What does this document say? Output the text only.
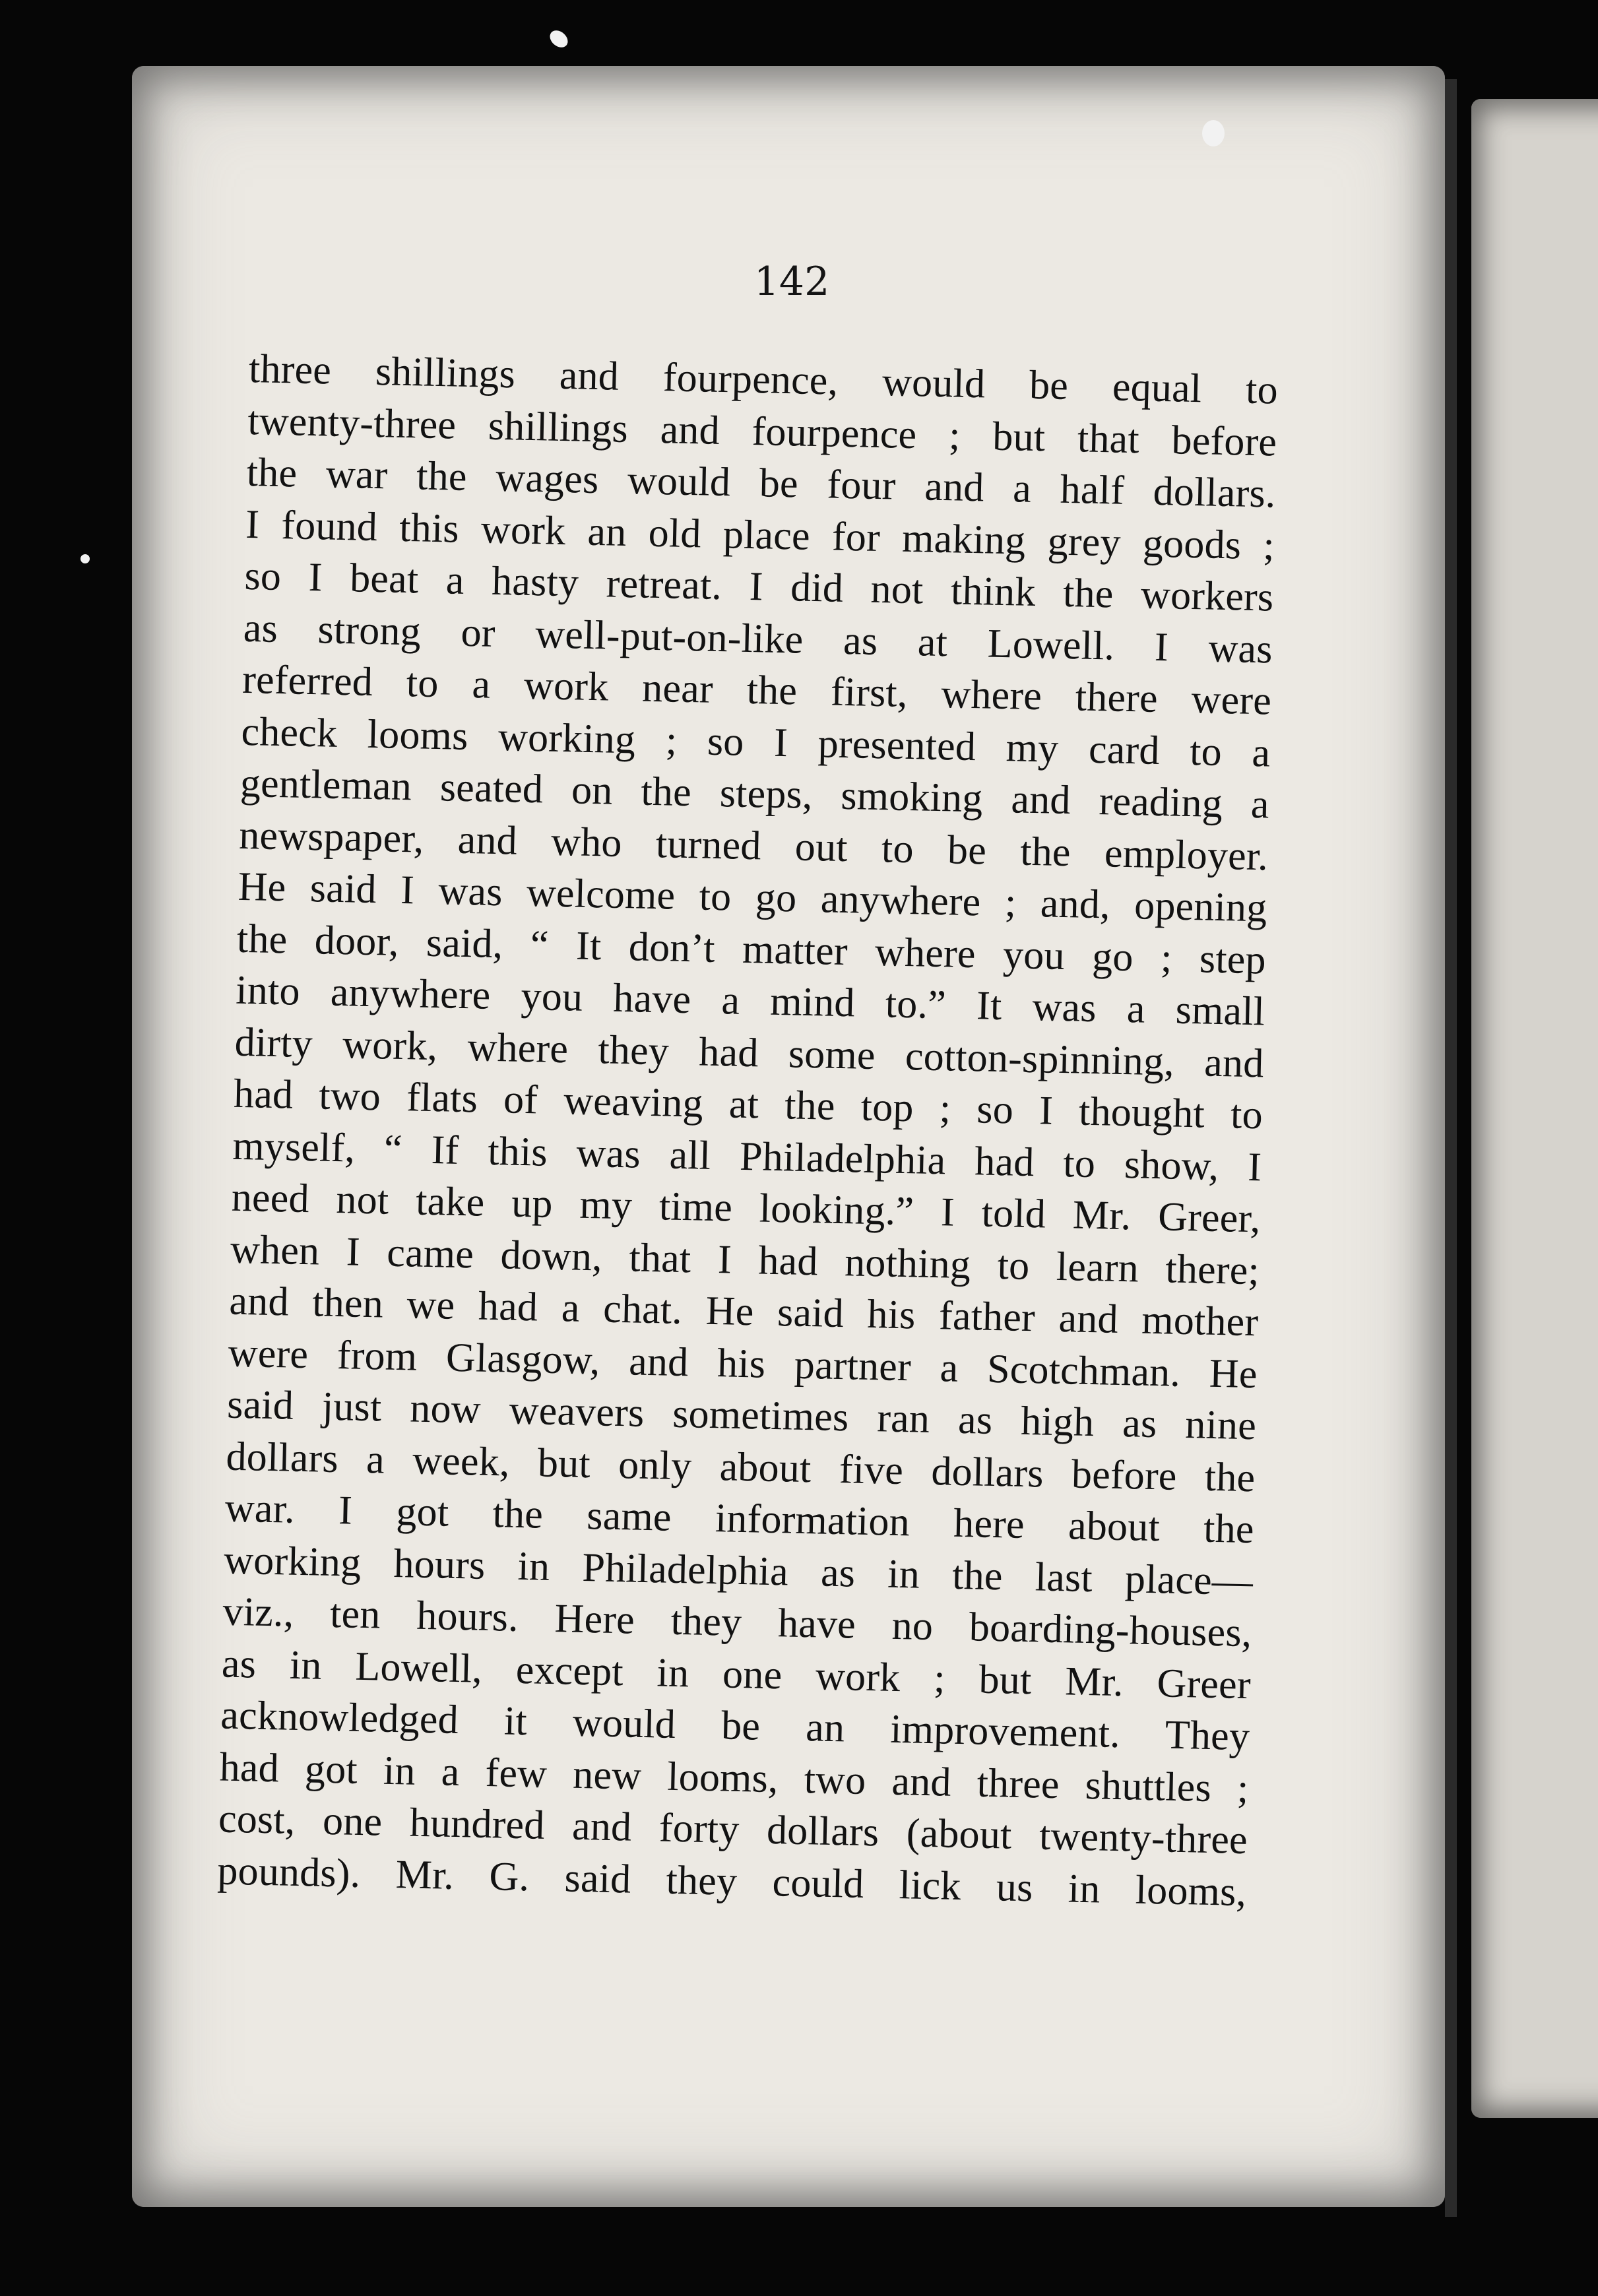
142
three shillings and fourpence, would be equal to
twenty-three shillings and fourpence ; but that before
the war the wages would be four and a half dollars.
I found this work an old place for making grey goods ;
so I beat a hasty retreat. I did not think the workers
as strong or well-put-on-like as at Lowell. I was
referred to a work near the first, where there were
check looms working ; so I presented my card to a
gentleman seated on the steps, smoking and reading a
newspaper, and who turned out to be the employer.
He said I was welcome to go anywhere ; and, opening
the door, said, “ It don’t matter where you go ; step
into anywhere you have a mind to.” It was a small
dirty work, where they had some cotton-spinning, and
had two flats of weaving at the top ; so I thought to
myself, “ If this was all Philadelphia had to show, I
need not take up my time looking.” I told Mr. Greer,
when I came down, that I had nothing to learn there;
and then we had a chat. He said his father and mother
were from Glasgow, and his partner a Scotchman. He
said just now weavers sometimes ran as high as nine
dollars a week, but only about five dollars before the
war. I got the same information here about the
working hours in Philadelphia as in the last place—
viz., ten hours. Here they have no boarding-houses,
as in Lowell, except in one work ; but Mr. Greer
acknowledged it would be an improvement. They
had got in a few new looms, two and three shuttles ;
cost, one hundred and forty dollars (about twenty-three
pounds). Mr. G. said they could lick us in looms,
